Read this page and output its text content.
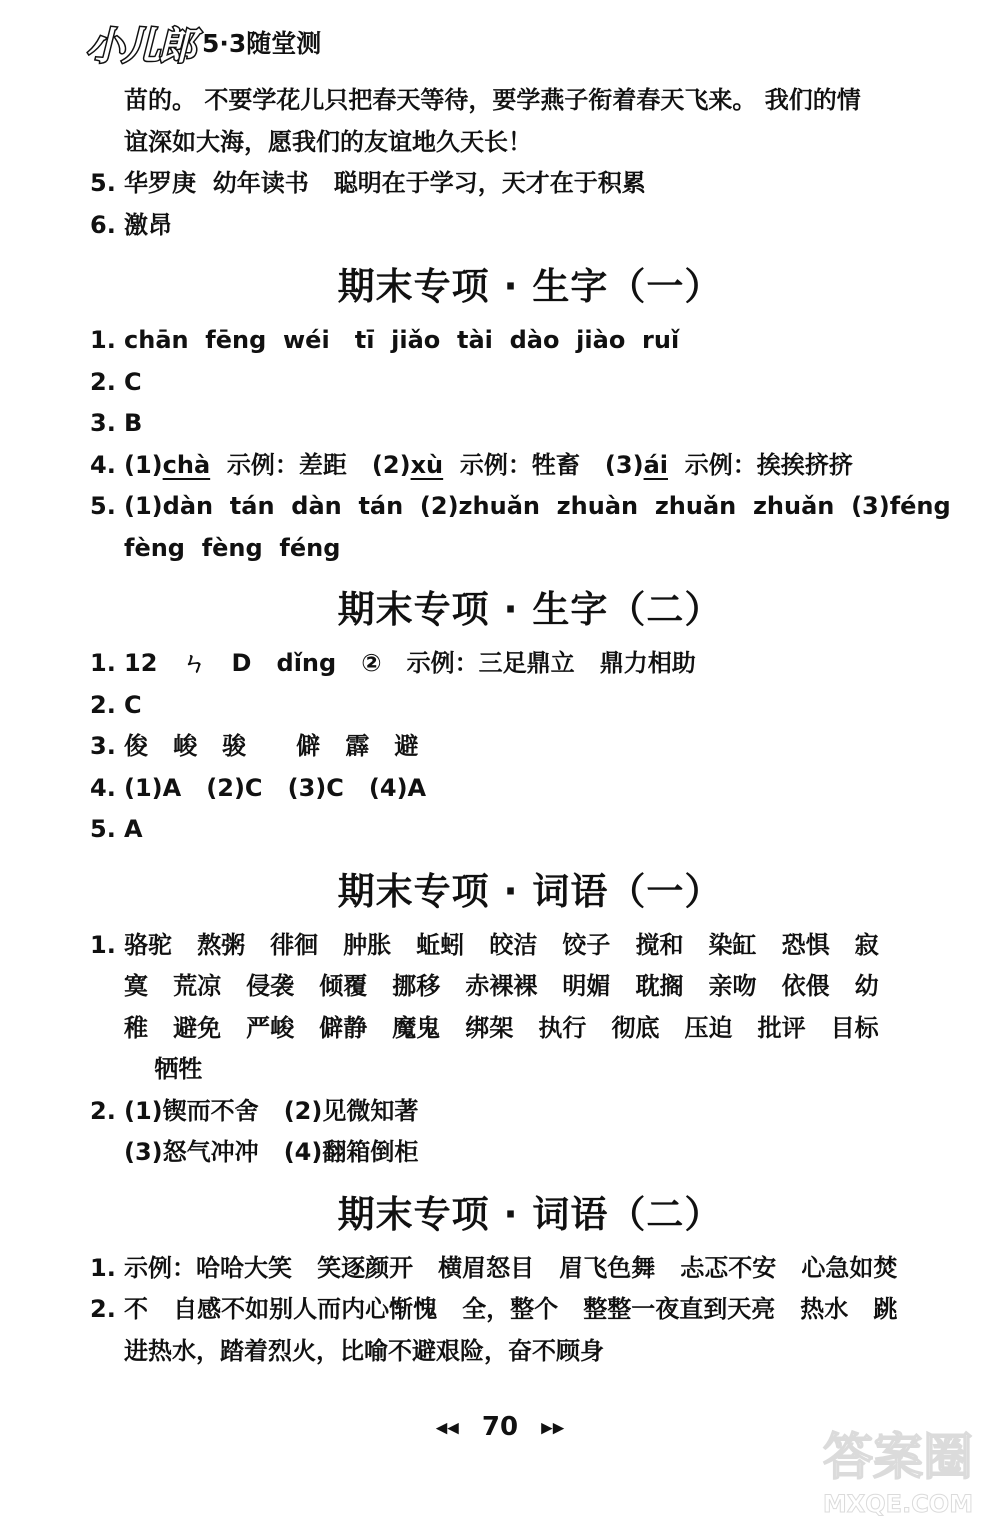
小儿郎 5·3随堂测
苗的。 不要学花儿只把春天等待，要学燕子衔着春天飞来。 我们的情
谊深如大海，愿我们的友谊地久天长！
5. 华罗庚  幼年读书   聪明在于学习，天才在于积累
6. 激昂
期末专项 · 生字（一）
1. chān  fēng  wéi   tī  jiǎo  tài  dào  jiào  ruǐ
2. C
3. B
4. (1)chà  示例：差距   (2)xù  示例：牲畜   (3)ái  示例：挨挨挤挤
5. (1)dàn  tán  dàn  tán  (2)zhuǎn  zhuàn  zhuǎn  zhuǎn  (3)féng
fèng  fèng  féng
期末专项 · 生字（二）
1. 12   ㄣ   D   dǐng   ②   示例：三足鼎立   鼎力相助
2. C
3. 俊   峻   骏      僻   霹   避
4. (1)A   (2)C   (3)C   (4)A
5. A
期末专项 · 词语（一）
1. 骆驼   熬粥   徘徊   肿胀   蚯蚓   皎洁   饺子   搅和   染缸   恐惧   寂
寞   荒凉   侵袭   倾覆   挪移   赤裸裸   明媚   耽搁   亲吻   依偎   幼
稚   避免   严峻   僻静   魔鬼   绑架   执行   彻底   压迫   批评   目标
牺牲
2. (1)锲而不舍   (2)见微知著
(3)怒气冲冲   (4)翻箱倒柜
期末专项 · 词语（二）
1. 示例：哈哈大笑   笑逐颜开   横眉怒目   眉飞色舞   忐忑不安   心急如焚
2. 不   自感不如别人而内心惭愧   全，整个   整整一夜直到天亮   热水   跳
进热水，踏着烈火，比喻不避艰险，奋不顾身
◀◀ 70 ▶▶
答案圈
MXQE.COM
